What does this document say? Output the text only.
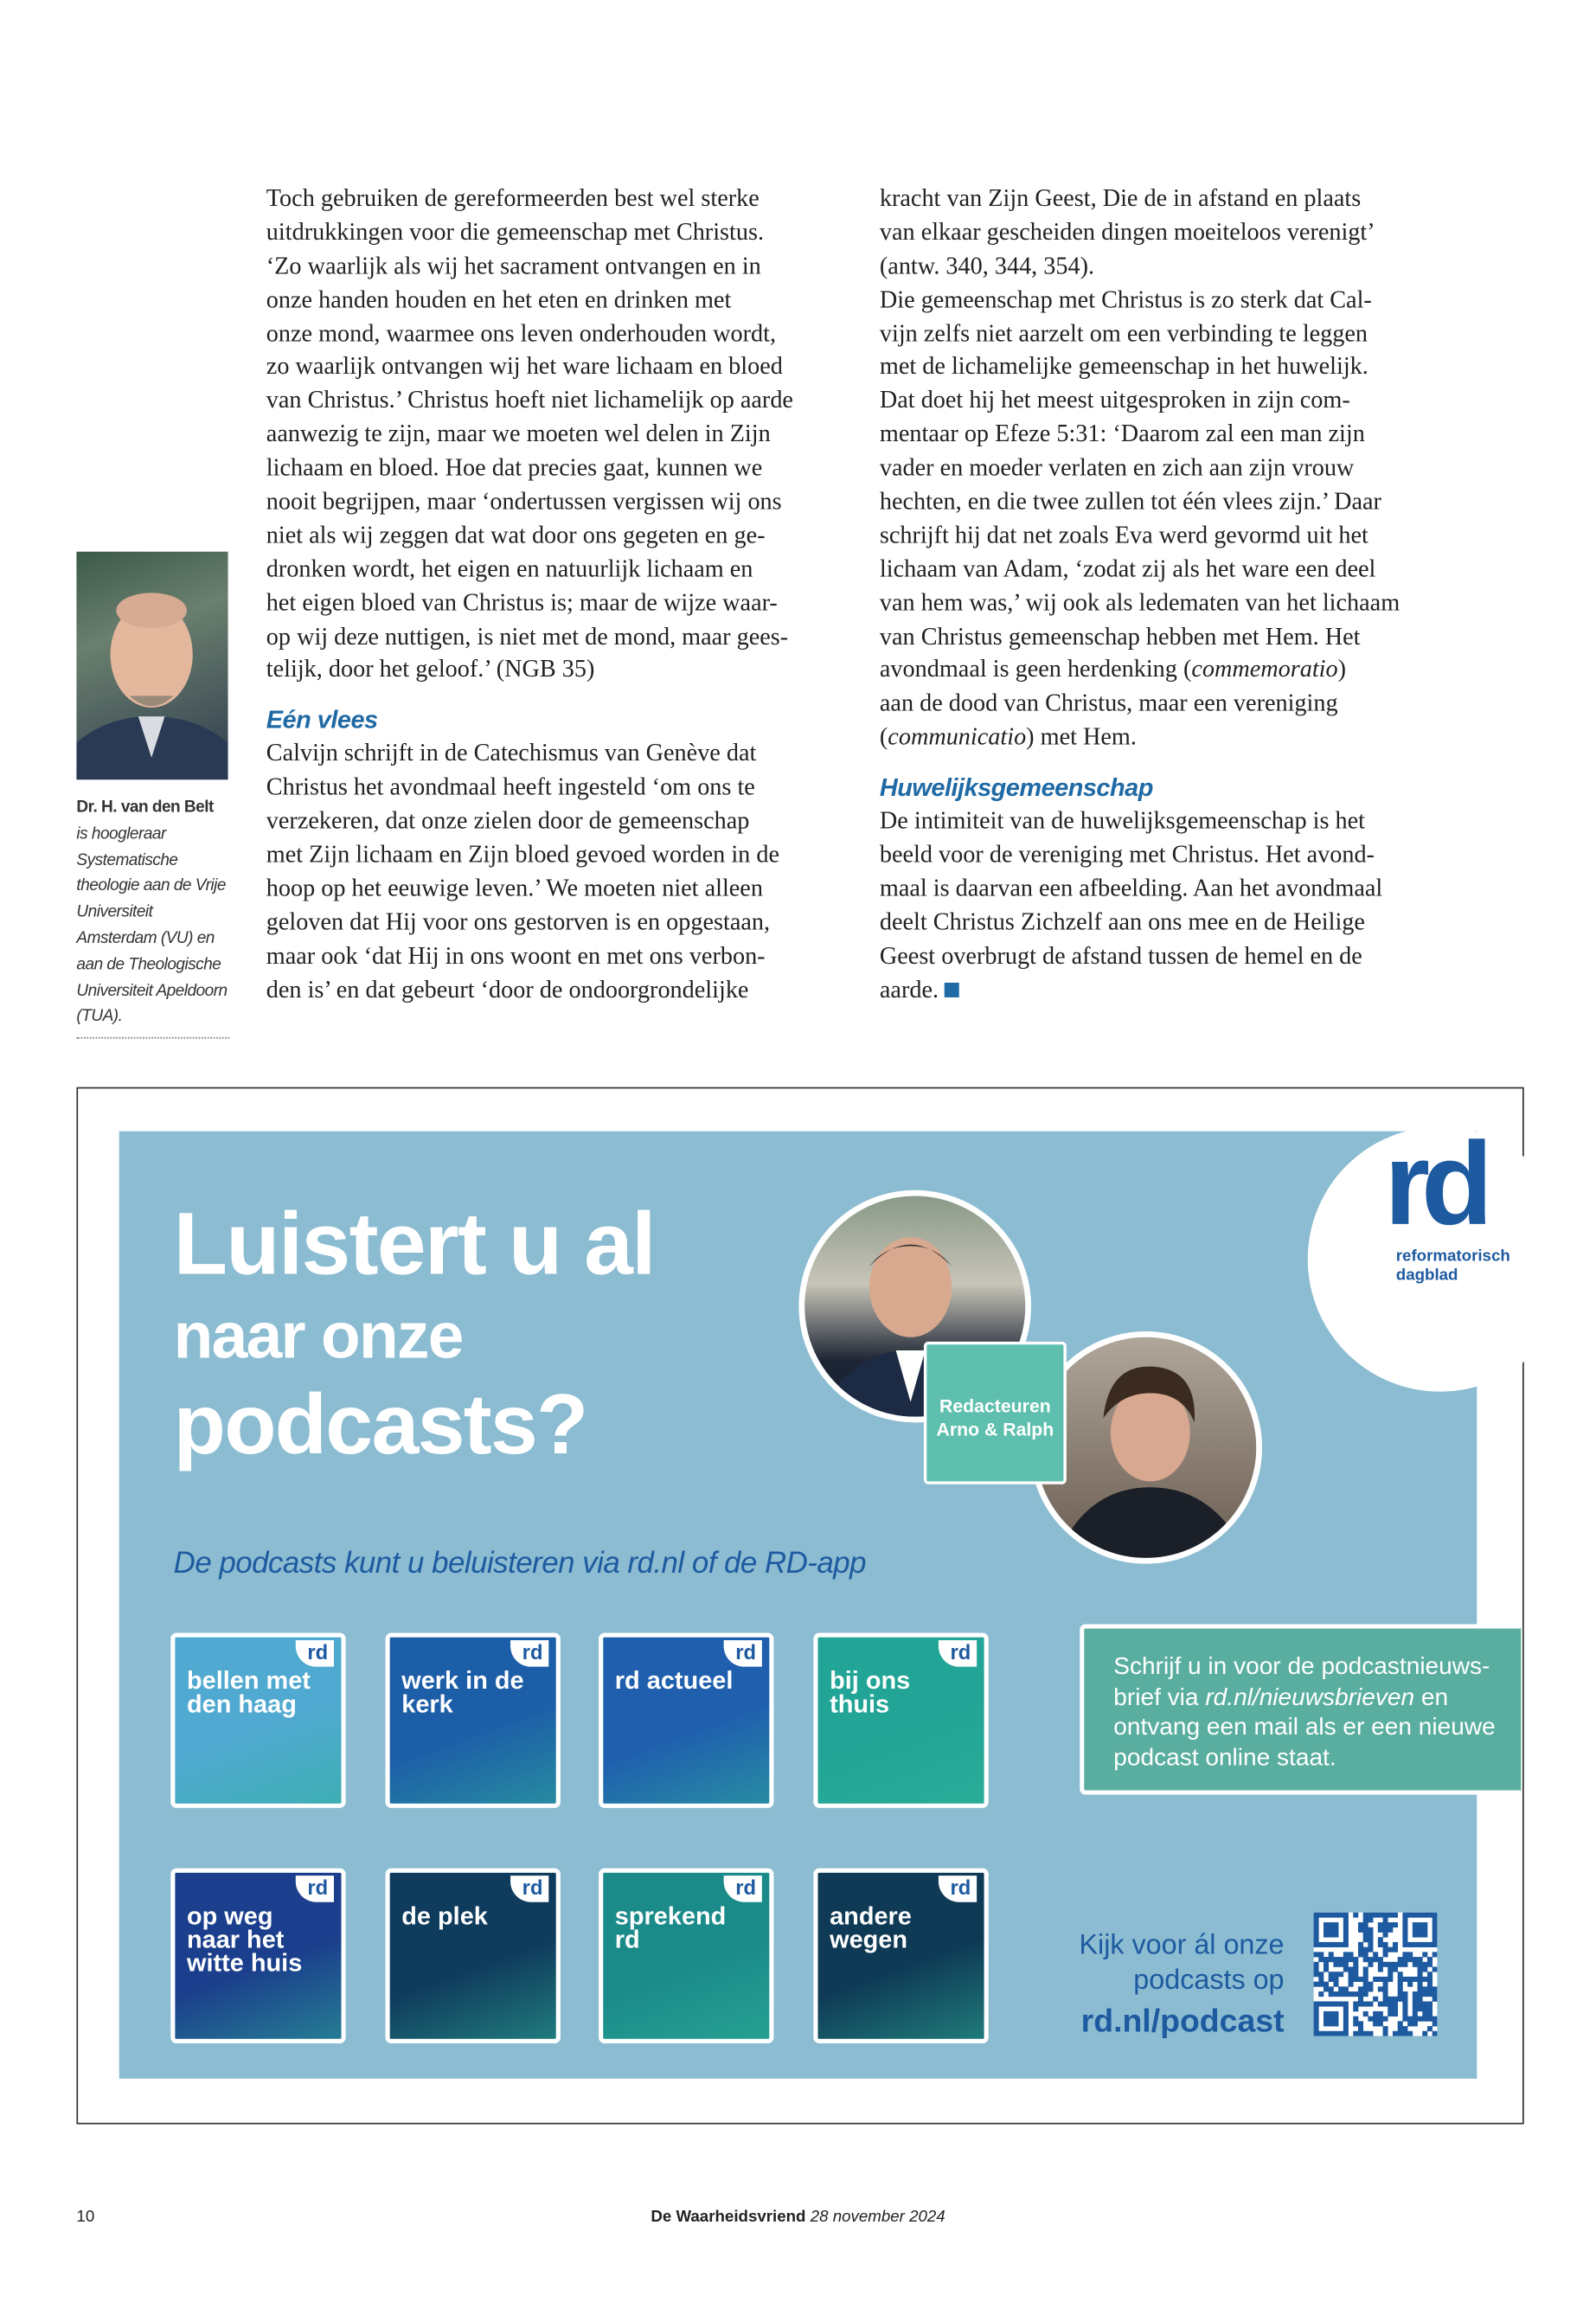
Toch gebruiken de gereformeerden best wel sterke
uitdrukkingen voor die gemeenschap met Christus.
‘Zo waarlijk als wij het sacrament ontvangen en in
onze handen houden en het eten en drinken met
onze mond, waarmee ons leven onderhouden wordt,
zo waarlijk ontvangen wij het ware lichaam en bloed
van Christus.’ Christus hoeft niet lichamelijk op aarde
aanwezig te zijn, maar we moeten wel delen in Zijn
lichaam en bloed. Hoe dat precies gaat, kunnen we
nooit begrijpen, maar ‘ondertussen vergissen wij ons
niet als wij zeggen dat wat door ons gegeten en ge-
dronken wordt, het eigen en natuurlijk lichaam en
het eigen bloed van Christus is; maar de wijze waar-
op wij deze nuttigen, is niet met de mond, maar gees-
telijk, door het geloof.’ (NGB 35)
Eén vlees
Calvijn schrijft in de Catechismus van Genève dat
Christus het avondmaal heeft ingesteld ‘om ons te
verzekeren, dat onze zielen door de gemeenschap
met Zijn lichaam en Zijn bloed gevoed worden in de
hoop op het eeuwige leven.’ We moeten niet alleen
geloven dat Hij voor ons gestorven is en opgestaan,
maar ook ‘dat Hij in ons woont en met ons verbon-
den is’ en dat gebeurt ‘door de ondoorgrondelijke
kracht van Zijn Geest, Die de in afstand en plaats
van elkaar gescheiden dingen moeiteloos verenigt’
(antw. 340, 344, 354).
Die gemeenschap met Christus is zo sterk dat Cal-
vijn zelfs niet aarzelt om een verbinding te leggen
met de lichamelijke gemeenschap in het huwelijk.
Dat doet hij het meest uitgesproken in zijn com-
mentaar op Efeze 5:31: ‘Daarom zal een man zijn
vader en moeder verlaten en zich aan zijn vrouw
hechten, en die twee zullen tot één vlees zijn.’ Daar
schrijft hij dat net zoals Eva werd gevormd uit het
lichaam van Adam, ‘zodat zij als het ware een deel
van hem was,’ wij ook als ledematen van het lichaam
van Christus gemeenschap hebben met Hem. Het
avondmaal is geen herdenking (commemoratio)
aan de dood van Christus, maar een vereniging
(communicatio) met Hem.
Huwelijksgemeenschap
De intimiteit van de huwelijksgemeenschap is het
beeld voor de vereniging met Christus. Het avond-
maal is daarvan een afbeelding. Aan het avondmaal
deelt Christus Zichzelf aan ons mee en de Heilige
Geest overbrugt de afstand tussen de hemel en de
aarde.
Dr. H. van den Belt
is hoogleraar Systematische theologie aan de Vrije Universiteit Amsterdam (VU) en aan de Theologische Universiteit Apeldoorn (TUA).
rd
reformatorisch
dagblad
Luistert u al
naar onze
podcasts?	Redacteuren
Arno & Ralph
De podcasts kunt u beluisteren via rd.nl of de RD-app
rd
bellen met den haag
rd
werk in de kerk
rd
rd actueel
rd
bij ons thuis
rd
op weg naar het witte huis
rd
de plek
rd
sprekend rd
rd
andere wegen
Schrijf u in voor de podcastnieuws-brief via rd.nl/nieuwsbrieven en ontvang een mail als er een nieuwe podcast online staat.
Kijk voor ál onze
podcasts op
rd.nl/podcast
10	De Waarheidsvriend 28 november 2024
